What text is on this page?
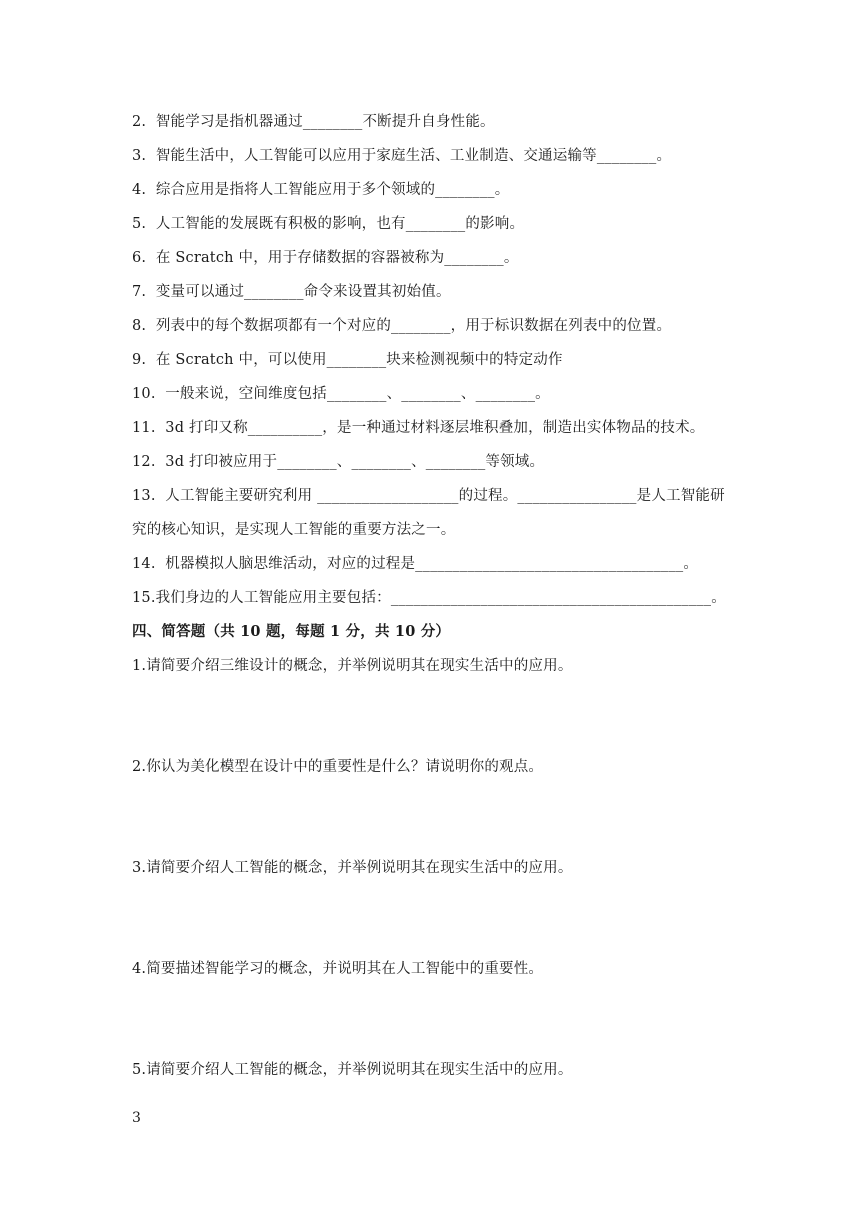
2.  智能学习是指机器通过________不断提升自身性能。
3.  智能生活中，人工智能可以应用于家庭生活、工业制造、交通运输等________。
4.  综合应用是指将人工智能应用于多个领域的________。
5.  人工智能的发展既有积极的影响，也有________的影响。
6.  在 Scratch 中，用于存储数据的容器被称为________。
7.  变量可以通过________命令来设置其初始值。
8.  列表中的每个数据项都有一个对应的________，用于标识数据在列表中的位置。
9.  在 Scratch 中，可以使用________块来检测视频中的特定动作
10.  一般来说，空间维度包括________、________、________。
11.  3d 打印又称__________，是一种通过材料逐层堆积叠加，制造出实体物品的技术。
12.  3d 打印被应用于________、________、________等领域。
13.  人工智能主要研究利用 ___________________的过程。________________是人工智能研
究的核心知识，是实现人工智能的重要方法之一。
14.  机器模拟人脑思维活动，对应的过程是____________________________________。
15.我们身边的人工智能应用主要包括：___________________________________________。
四、简答题（共 10 题，每题 1 分，共 10 分）
1.请简要介绍三维设计的概念，并举例说明其在现实生活中的应用。
2.你认为美化模型在设计中的重要性是什么？请说明你的观点。
3.请简要介绍人工智能的概念，并举例说明其在现实生活中的应用。
4.简要描述智能学习的概念，并说明其在人工智能中的重要性。
5.请简要介绍人工智能的概念，并举例说明其在现实生活中的应用。
3
